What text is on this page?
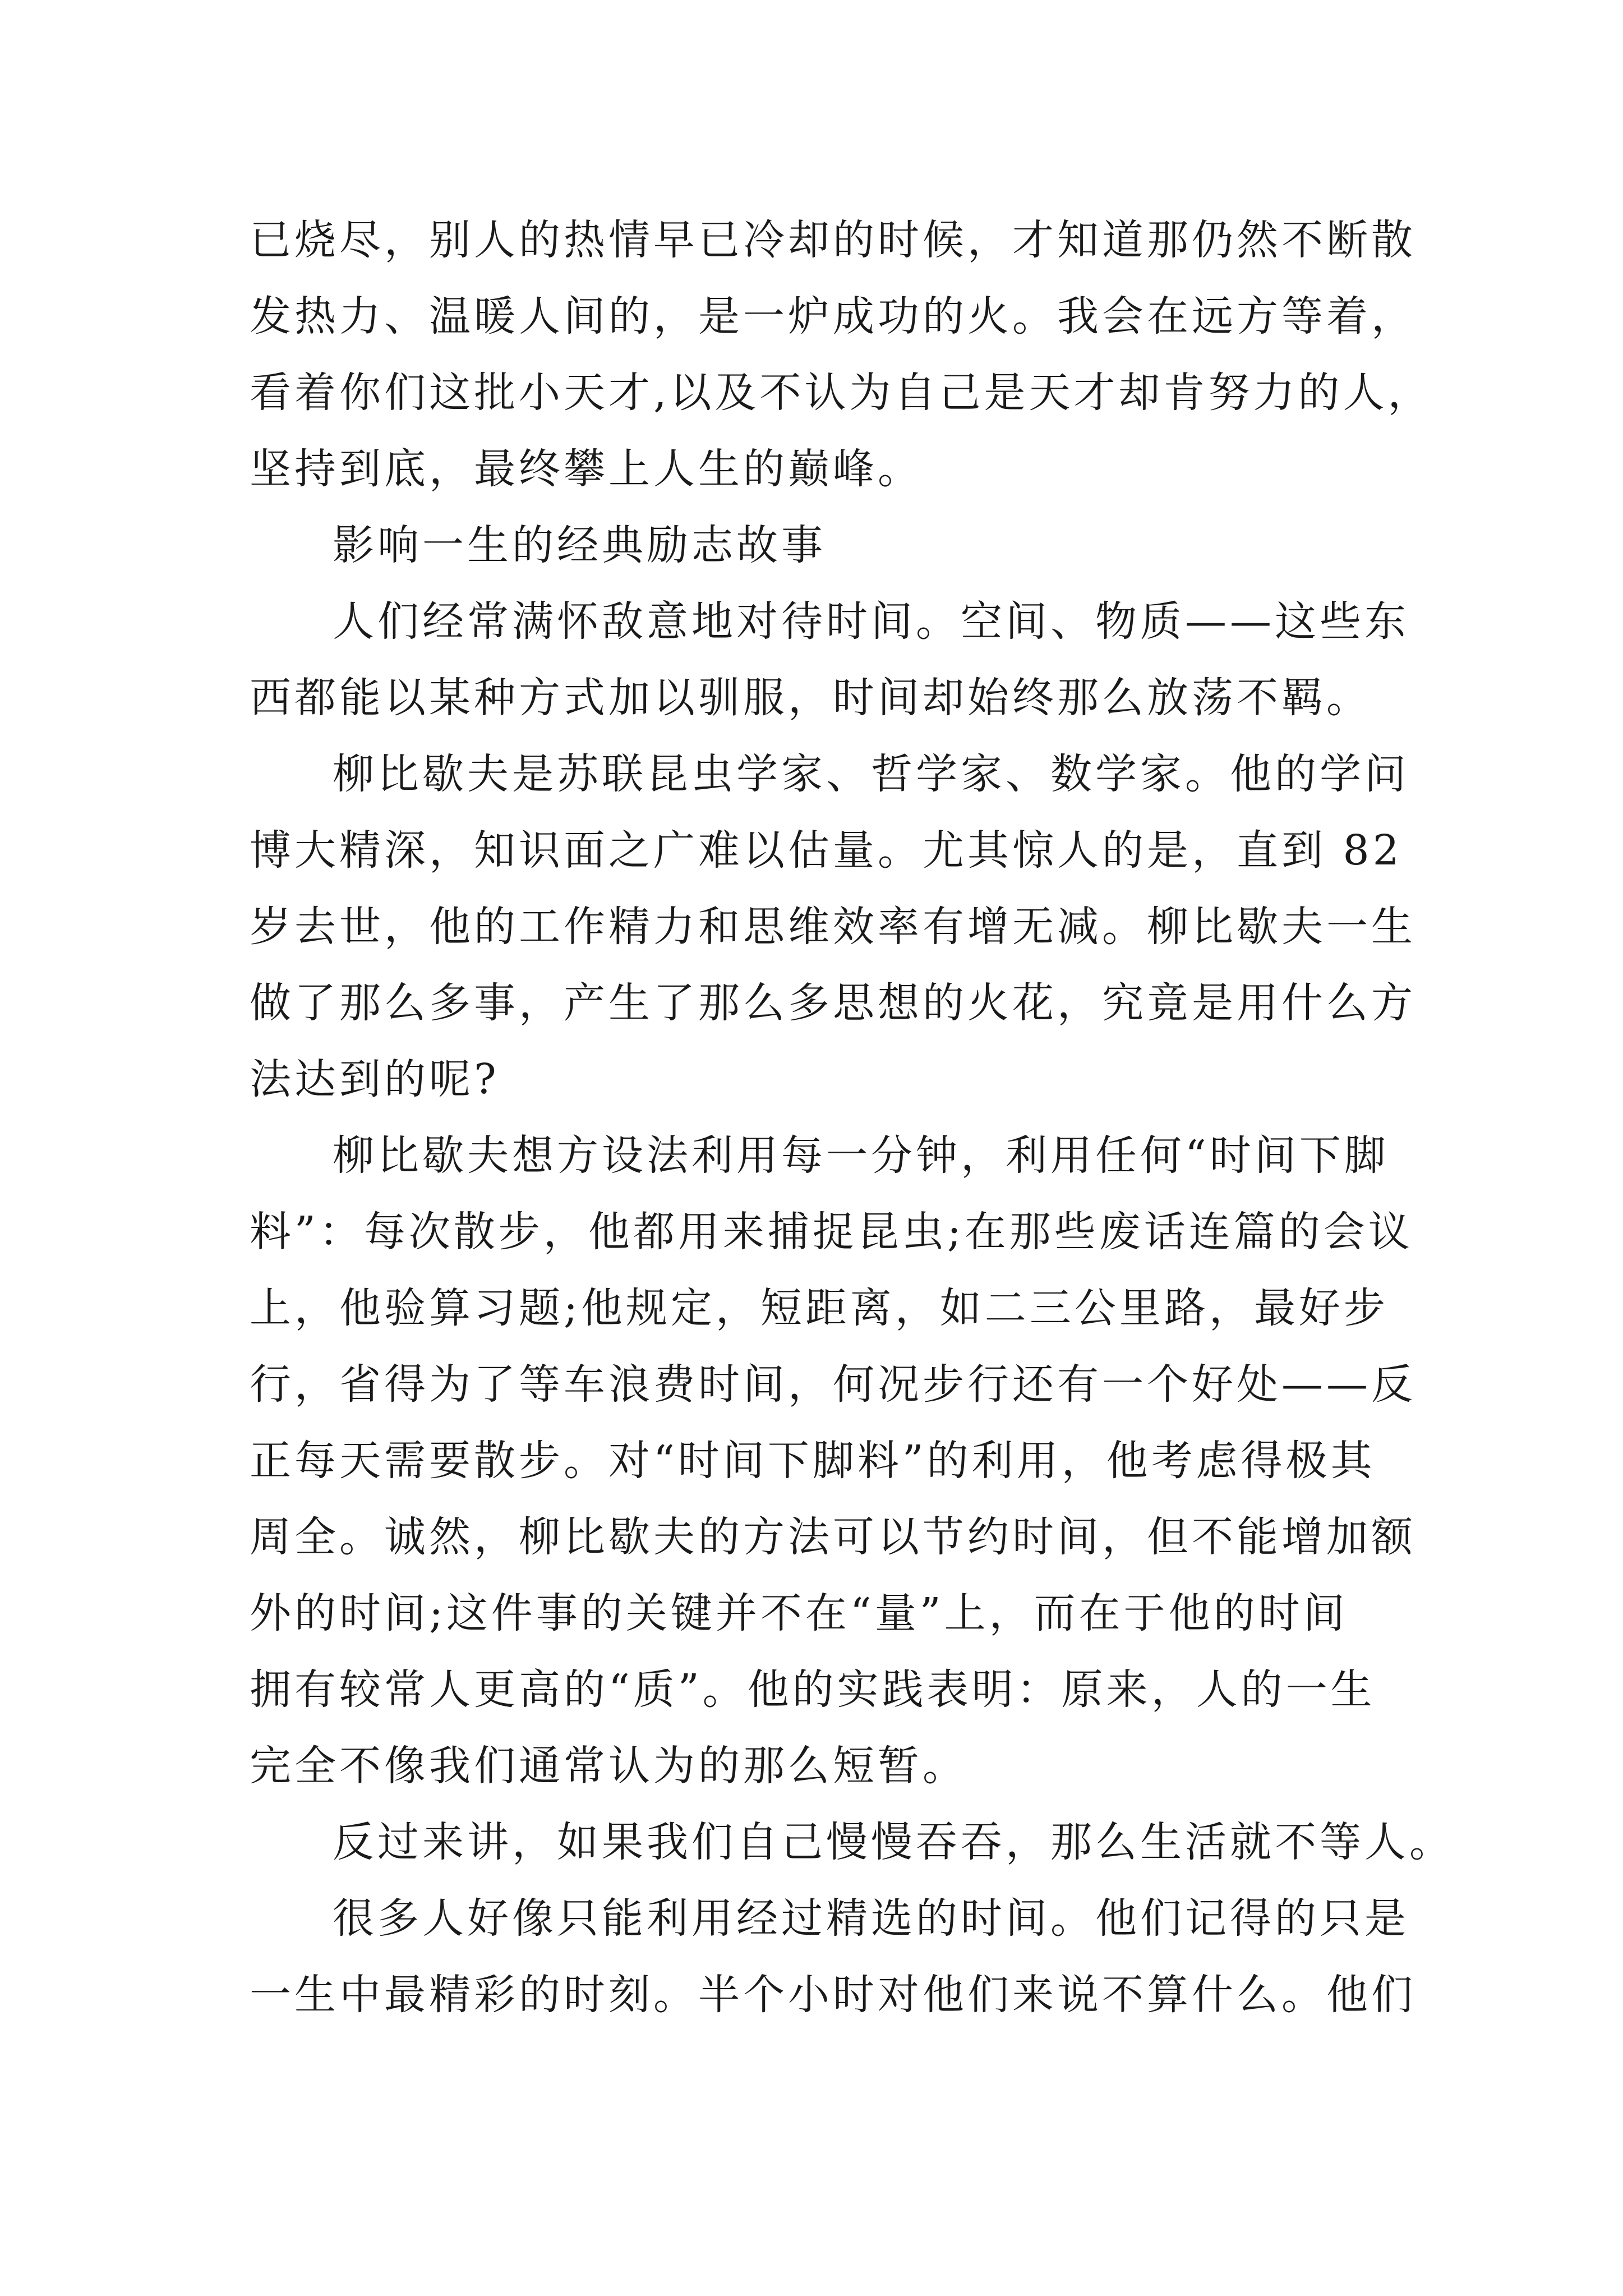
已烧尽，别人的热情早已冷却的时候，才知道那仍然不断散

发热力、温暖人间的，是一炉成功的火。我会在远方等着，

看着你们这批小天才,以及不认为自己是天才却肯努力的人，

坚持到底，最终攀上人生的巅峰。

影响一生的经典励志故事

人们经常满怀敌意地对待时间。空间、物质——这些东

西都能以某种方式加以驯服，时间却始终那么放荡不羁。

柳比歇夫是苏联昆虫学家、哲学家、数学家。他的学问

博大精深，知识面之广难以估量。尤其惊人的是，直到 82

岁去世，他的工作精力和思维效率有增无减。柳比歇夫一生

做了那么多事，产生了那么多思想的火花，究竟是用什么方

法达到的呢?

柳比歇夫想方设法利用每一分钟，利用任何“时间下脚

料”：每次散步，他都用来捕捉昆虫;在那些废话连篇的会议

上，他验算习题;他规定，短距离，如二三公里路，最好步

行，省得为了等车浪费时间，何况步行还有一个好处——反

正每天需要散步。对“时间下脚料”的利用，他考虑得极其

周全。诚然，柳比歇夫的方法可以节约时间，但不能增加额

外的时间;这件事的关键并不在“量”上，而在于他的时间

拥有较常人更高的“质”。他的实践表明：原来，人的一生

完全不像我们通常认为的那么短暂。

反过来讲，如果我们自己慢慢吞吞，那么生活就不等人。

很多人好像只能利用经过精选的时间。他们记得的只是

一生中最精彩的时刻。半个小时对他们来说不算什么。他们
